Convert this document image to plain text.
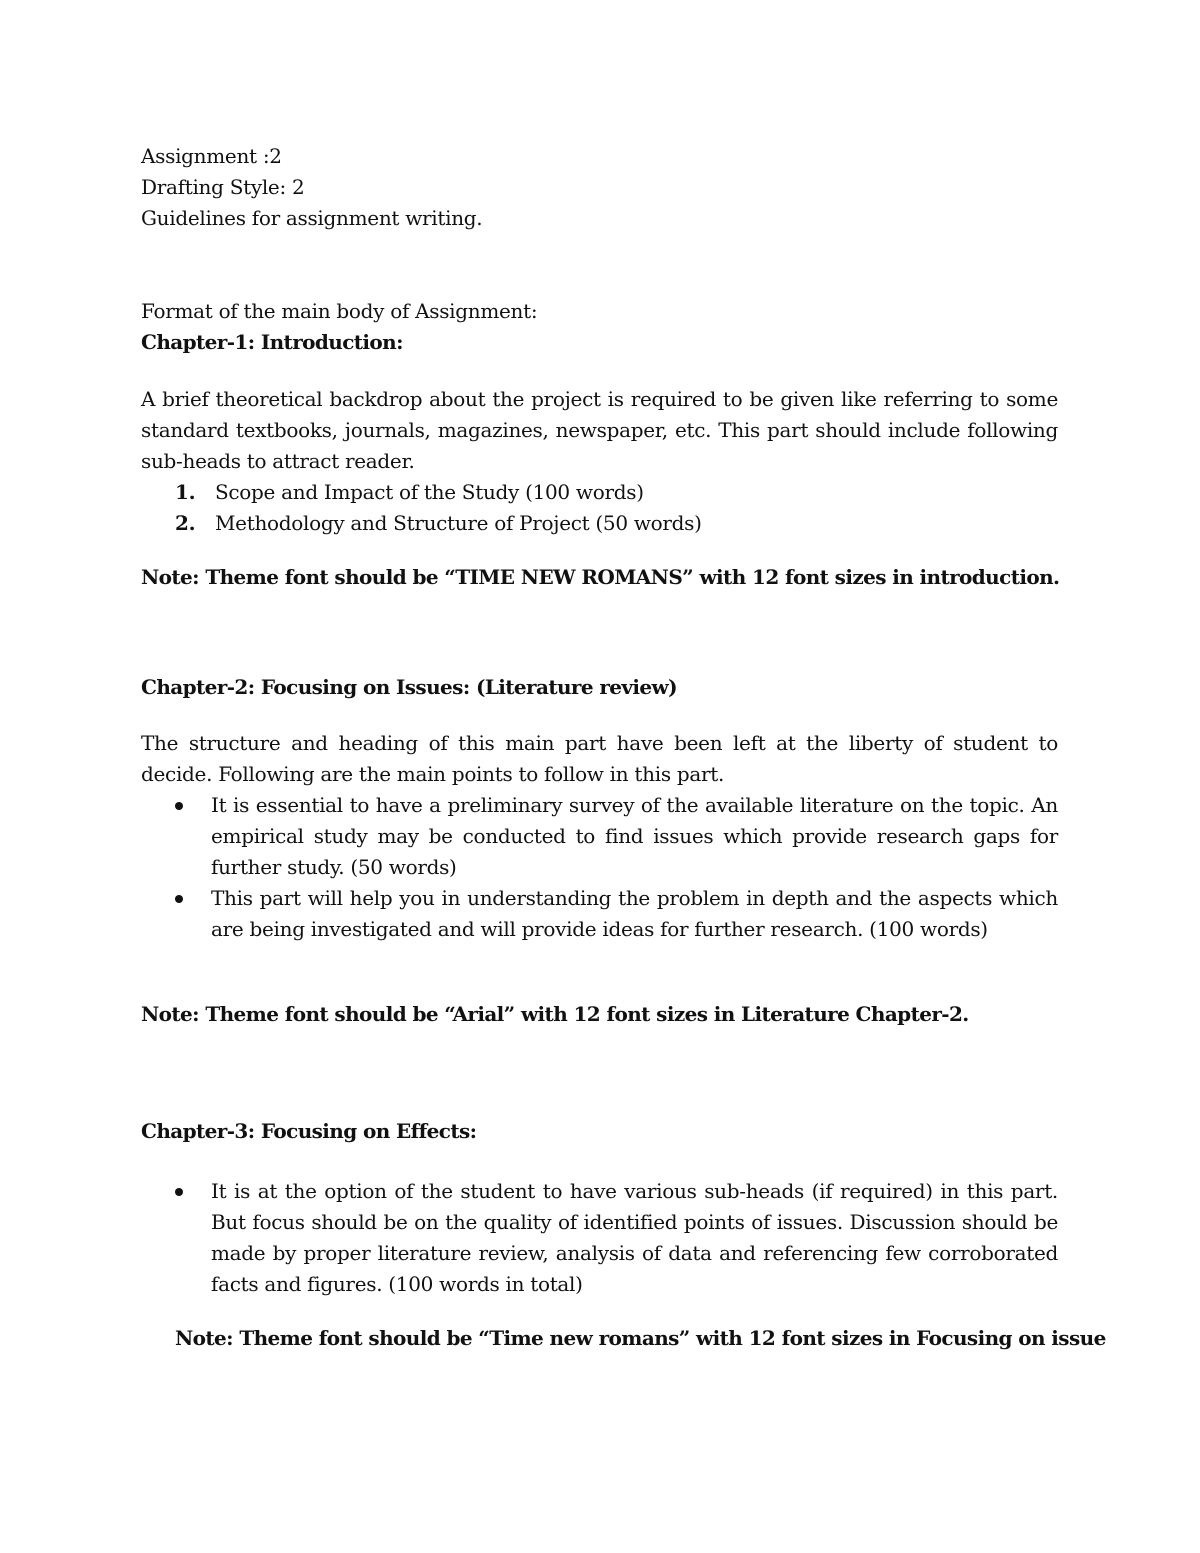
Assignment :2
Drafting Style: 2
Guidelines for assignment writing.
Format of the main body of Assignment:
Chapter-1: Introduction:
A brief theoretical backdrop about the project is required to be given like referring to some standard textbooks, journals, magazines, newspaper, etc. This part should include following sub-heads to attract reader.
1. Scope and Impact of the Study (100 words)
2. Methodology and Structure of Project (50 words)
Note: Theme font should be “TIME NEW ROMANS” with 12 font sizes in introduction.
Chapter-2: Focusing on Issues: (Literature review)
The structure and heading of this main part have been left at the liberty of student to decide. Following are the main points to follow in this part.
It is essential to have a preliminary survey of the available literature on the topic. An empirical study may be conducted to find issues which provide research gaps for further study. (50 words)
This part will help you in understanding the problem in depth and the aspects which are being investigated and will provide ideas for further research. (100 words)
Note: Theme font should be “Arial” with 12 font sizes in Literature Chapter-2.
Chapter-3: Focusing on Effects:
It is at the option of the student to have various sub-heads (if required) in this part. But focus should be on the quality of identified points of issues. Discussion should be made by proper literature review, analysis of data and referencing few corroborated facts and figures. (100 words in total)
Note: Theme font should be “Time new romans” with 12 font sizes in Focusing on issue
